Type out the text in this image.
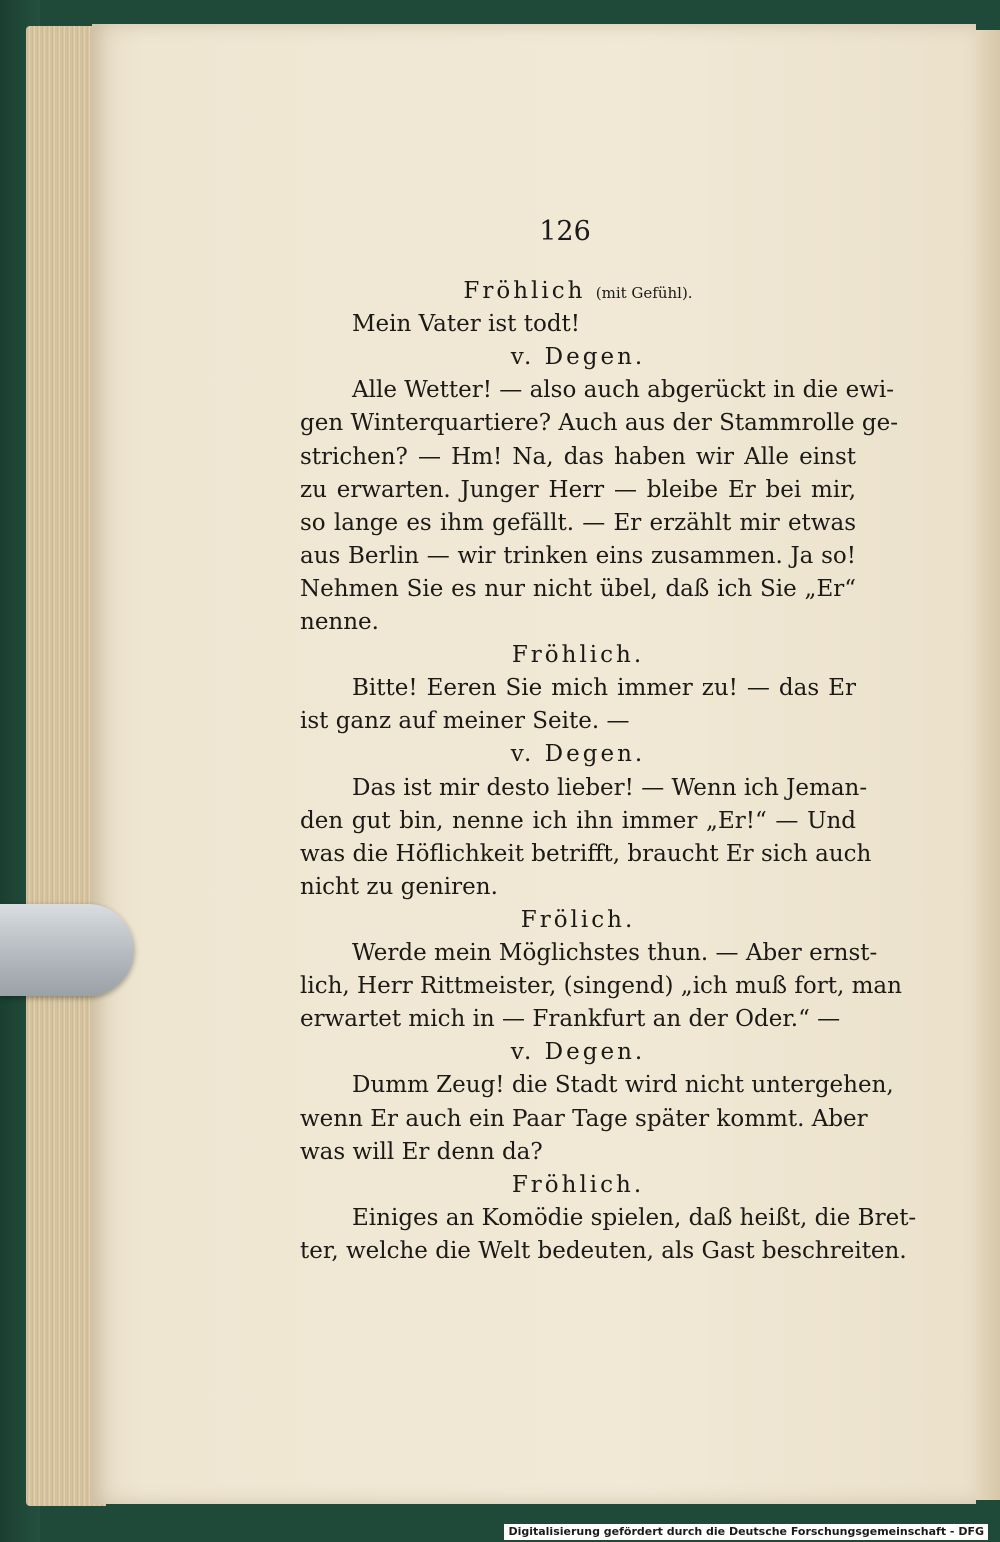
126
Fröhlich (mit Gefühl).
Mein Vater ist todt!
v. Degen.
Alle Wetter! — also auch abgerückt in die ewi-
gen Winterquartiere? Auch aus der Stammrolle ge-
strichen? — Hm! Na, das haben wir Alle einst
zu erwarten. Junger Herr — bleibe Er bei mir,
so lange es ihm gefällt. — Er erzählt mir etwas
aus Berlin — wir trinken eins zusammen. Ja so!
Nehmen Sie es nur nicht übel, daß ich Sie „Er“
nenne.
Fröhlich.
Bitte! Eeren Sie mich immer zu! — das Er
ist ganz auf meiner Seite. —
v. Degen.
Das ist mir desto lieber! — Wenn ich Jeman-
den gut bin, nenne ich ihn immer „Er!“ — Und
was die Höflichkeit betrifft, braucht Er sich auch
nicht zu geniren.
Frölich.
Werde mein Möglichstes thun. — Aber ernst-
lich, Herr Rittmeister, (singend) „ich muß fort, man
erwartet mich in — Frankfurt an der Oder.“ —
v. Degen.
Dumm Zeug! die Stadt wird nicht untergehen,
wenn Er auch ein Paar Tage später kommt. Aber
was will Er denn da?
Fröhlich.
Einiges an Komödie spielen, daß heißt, die Bret-
ter, welche die Welt bedeuten, als Gast beschreiten.
Digitalisierung gefördert durch die Deutsche Forschungsgemeinschaft - DFG
